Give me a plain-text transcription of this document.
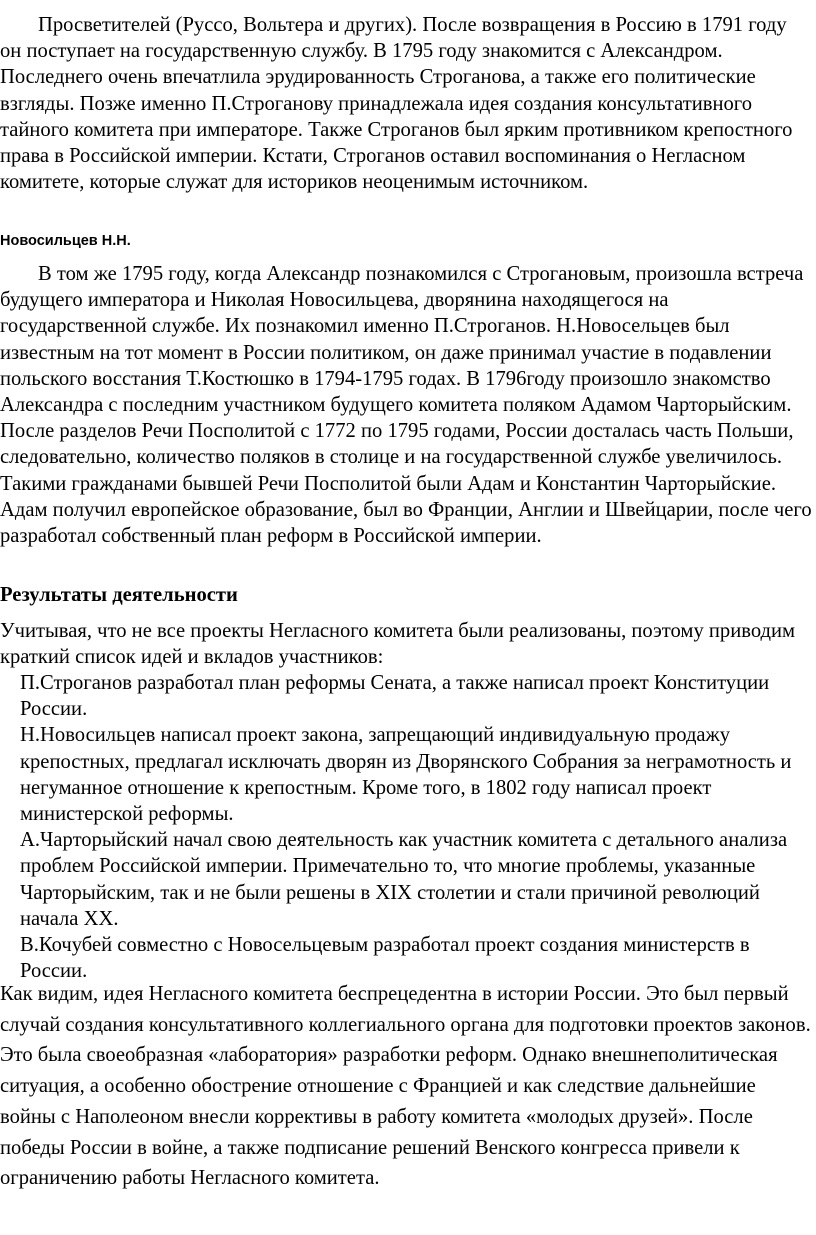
Просветителей (Руссо, Вольтера и других). После возвращения в Россию в 1791 году он поступает на государственную службу. В 1795 году знакомится с Александром. Последнего очень впечатлила эрудированность Строганова, а также его политические взгляды. Позже именно П.Строганову принадлежала идея создания консультативного тайного комитета при императоре. Также Строганов был ярким противником крепостного права в Российской империи. Кстати, Строганов оставил воспоминания о Негласном комитете, которые служат для историков неоценимым источником.

Новосильцев Н.Н.

В том же 1795 году, когда Александр познакомился с Строгановым, произошла встреча будущего императора и Николая Новосильцева, дворянина находящегося на государственной службе. Их познакомил именно П.Строганов. Н.Новосельцев был известным на тот момент в России политиком, он даже принимал участие в подавлении польского восстания Т.Костюшко в 1794-1795 годах. В 1796году произошло знакомство Александра с последним участником будущего комитета поляком Адамом Чарторыйским. После разделов Речи Посполитой с 1772 по 1795 годами, России досталась часть Польши, следовательно, количество поляков в столице и на государственной службе увеличилось. Такими гражданами бывшей Речи Посполитой были Адам и Константин Чарторыйские. Адам получил европейское образование, был во Франции, Англии и Швейцарии, после чего разработал собственный план реформ в Российской империи.

Результаты деятельности

Учитывая, что не все проекты Негласного комитета были реализованы, поэтому приводим краткий список идей и вкладов участников:

П.Строганов разработал план реформы Сената, а также написал проект Конституции России.
Н.Новосильцев написал проект закона, запрещающий индивидуальную продажу крепостных, предлагал исключать дворян из Дворянского Собрания за неграмотность и негуманное отношение к крепостным. Кроме того, в 1802 году написал проект министерской реформы.
А.Чарторыйский начал свою деятельность как участник комитета с детального анализа проблем Российской империи. Примечательно то, что многие проблемы, указанные Чарторыйским, так и не были решены в XIX столетии и стали причиной революций начала XX.
В.Кочубей совместно с Новосельцевым разработал проект создания министерств в России.

Как видим, идея Негласного комитета беспрецедентна в истории России. Это был первый случай создания консультативного коллегиального органа для подготовки проектов законов. Это была своеобразная «лаборатория» разработки реформ. Однако внешнеполитическая ситуация, а особенно обострение отношение с Францией и как следствие дальнейшие войны с Наполеоном внесли коррективы в работу комитета «молодых друзей». После победы России в войне, а также подписание решений Венского конгресса привели к ограничению работы Негласного комитета.
